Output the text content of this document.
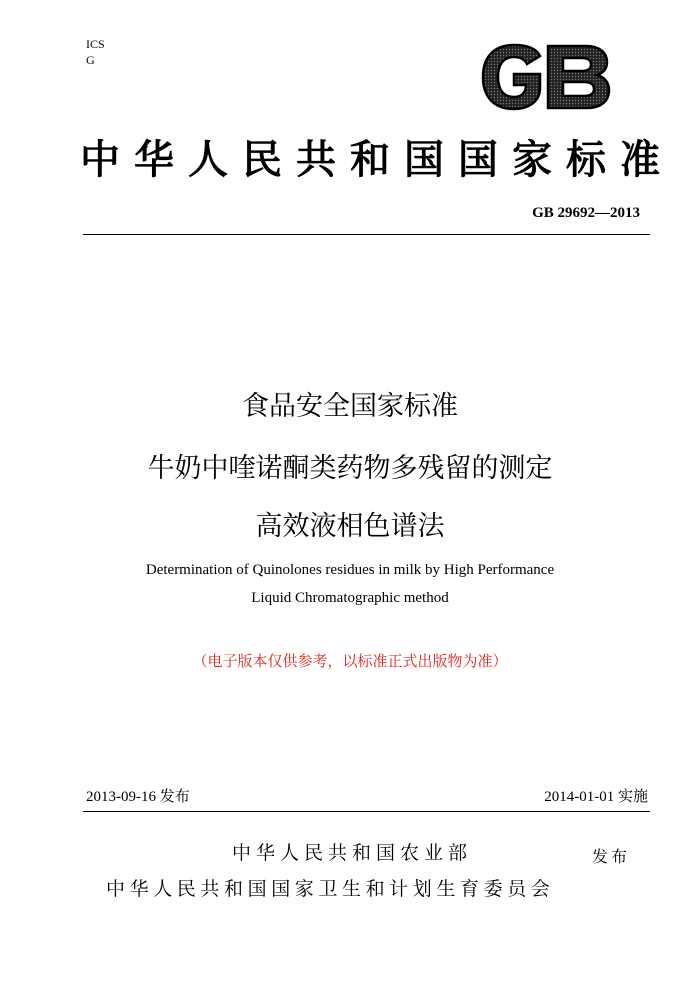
ICS
G
中华人民共和国国家标准
GB 29692—2013
食品安全国家标准
牛奶中喹诺酮类药物多残留的测定
高效液相色谱法
Determination of Quinolones residues in milk by High Performance
Liquid Chromatographic method
（电子版本仅供参考，以标准正式出版物为准）
2013-09-16 发布	2014-01-01 实施
中华人民共和国农业部	发布
中华人民共和国国家卫生和计划生育委员会
